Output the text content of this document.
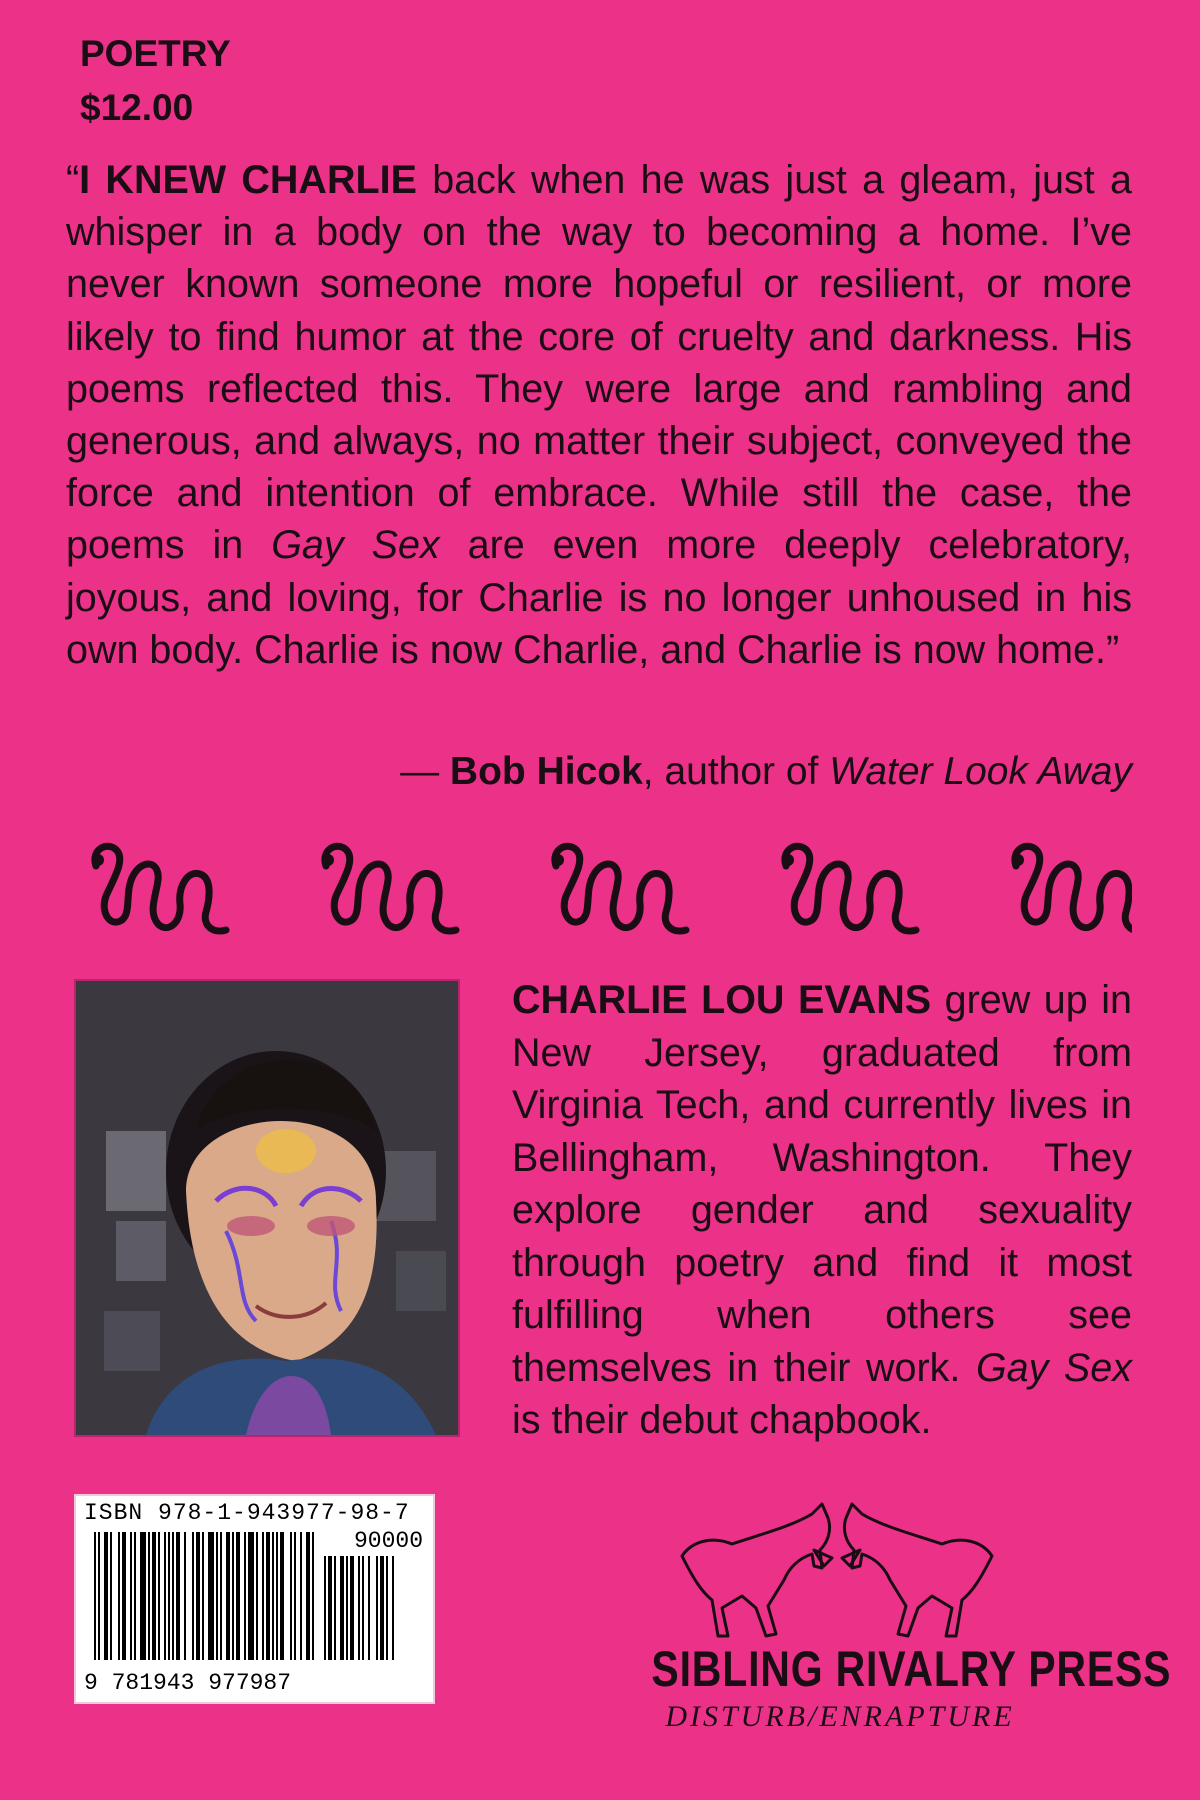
POETRY
$12.00

“I KNEW CHARLIE back when he was just a gleam, just a whisper in a body on the way to becoming a home. I’ve never known someone more hopeful or resilient, or more likely to find humor at the core of cruelty and darkness. His poems reflected this. They were large and rambling and generous, and always, no matter their subject, conveyed the force and intention of embrace. While still the case, the poems in Gay Sex are even more deeply celebratory, joyous, and loving, for Charlie is no longer unhoused in his own body. Charlie is now Charlie, and Charlie is now home.”

— Bob Hicok, author of Water Look Away

CHARLIE LOU EVANS grew up in New Jersey, graduated from Virginia Tech, and currently lives in Bellingham, Washington. They explore gender and sexuality through poetry and find it most fulfilling when others see themselves in their work. Gay Sex is their debut chapbook.

ISBN 978-1-943977-98-7
90000
9 781943 977987	SIBLING RIVALRY PRESS
DISTURB/ENRAPTURE
